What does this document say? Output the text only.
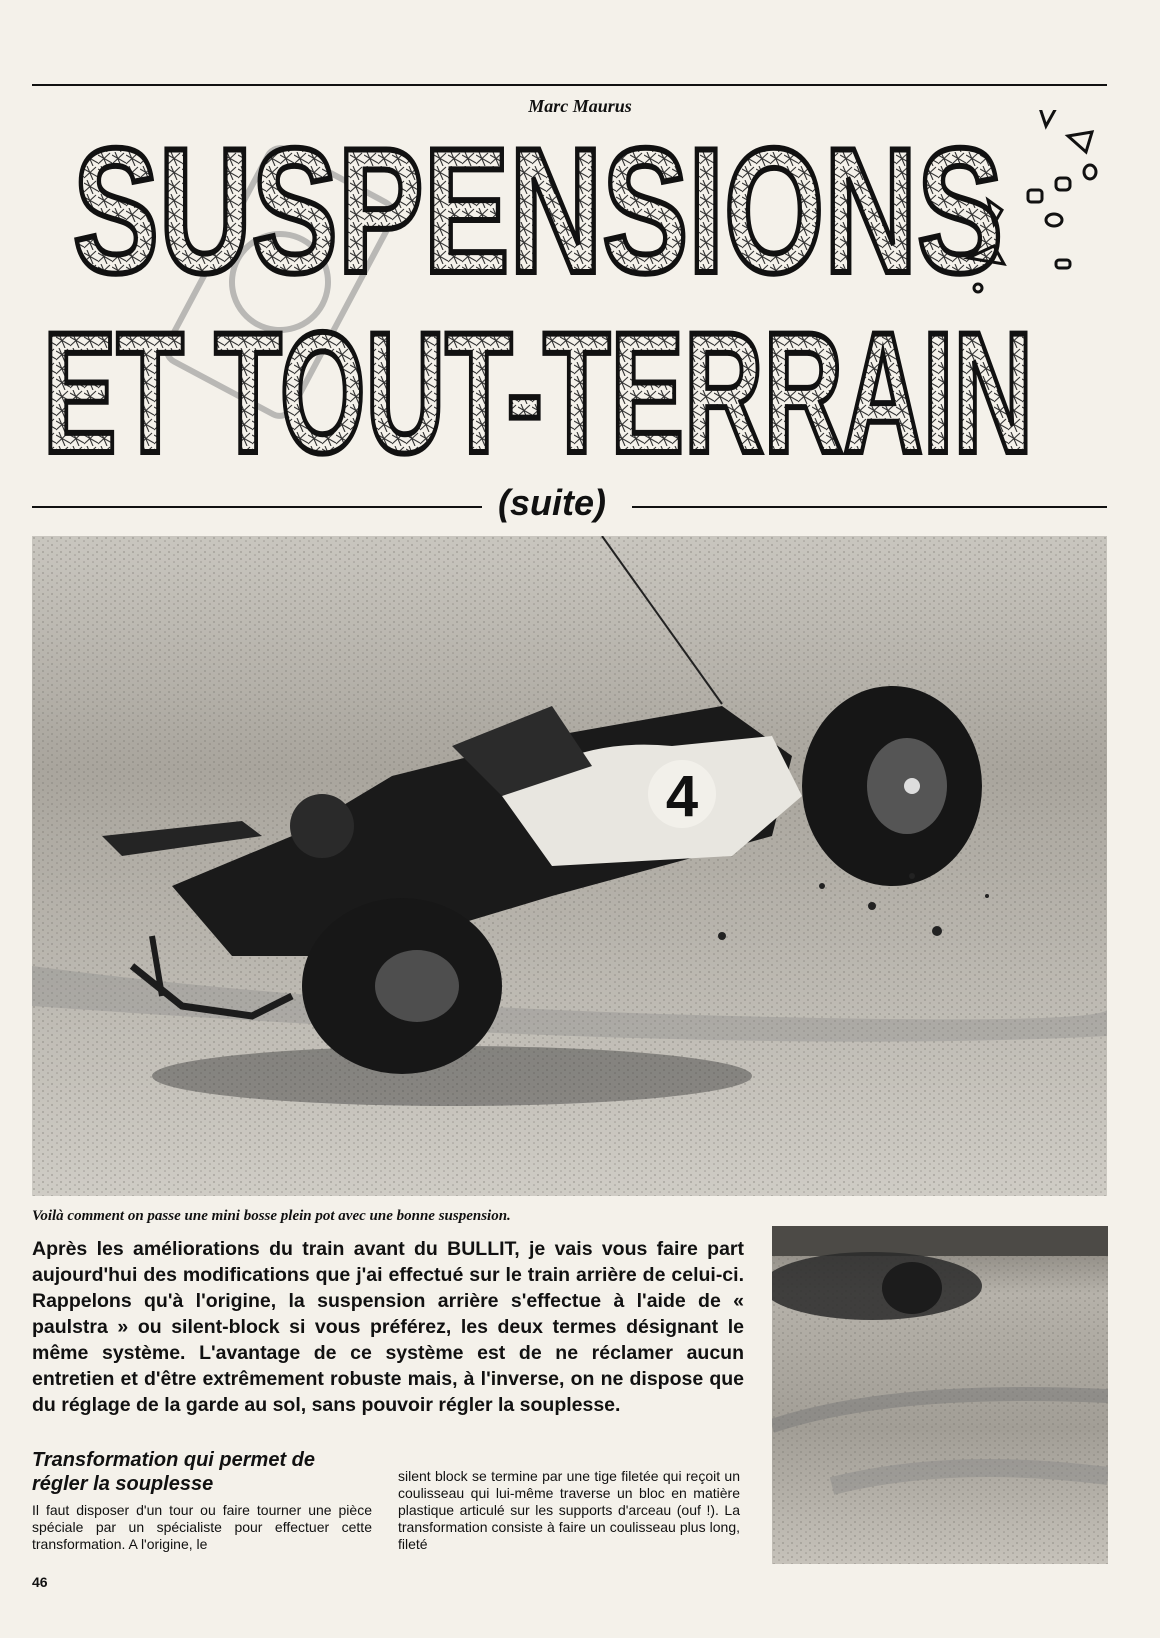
Marc Maurus
SUSPENSIONS
ET TOUT-TERRAIN
(suite)
4
Voilà comment on passe une mini bosse plein pot avec une bonne suspension.
Après les améliorations du train avant du BULLIT, je vais vous faire part aujourd'hui des modifications que j'ai effectué sur le train arrière de celui-ci. Rappelons qu'à l'origine, la suspension arrière s'effectue à l'aide de « paulstra » ou silent-block si vous préférez, les deux termes désignant le même système. L'avantage de ce système est de ne réclamer aucun entretien et d'être extrêmement robuste mais, à l'inverse, on ne dispose que du réglage de la garde au sol, sans pouvoir régler la souplesse.
Transformation qui permet de régler la souplesse
Il faut disposer d'un tour ou faire tourner une pièce spéciale par un spécialiste pour effectuer cette transformation. A l'origine, le
silent block se termine par une tige filetée qui reçoit un coulisseau qui lui-même traverse un bloc en matière plastique articulé sur les supports d'arceau (ouf !). La transformation consiste à faire un coulisseau plus long, fileté
46
